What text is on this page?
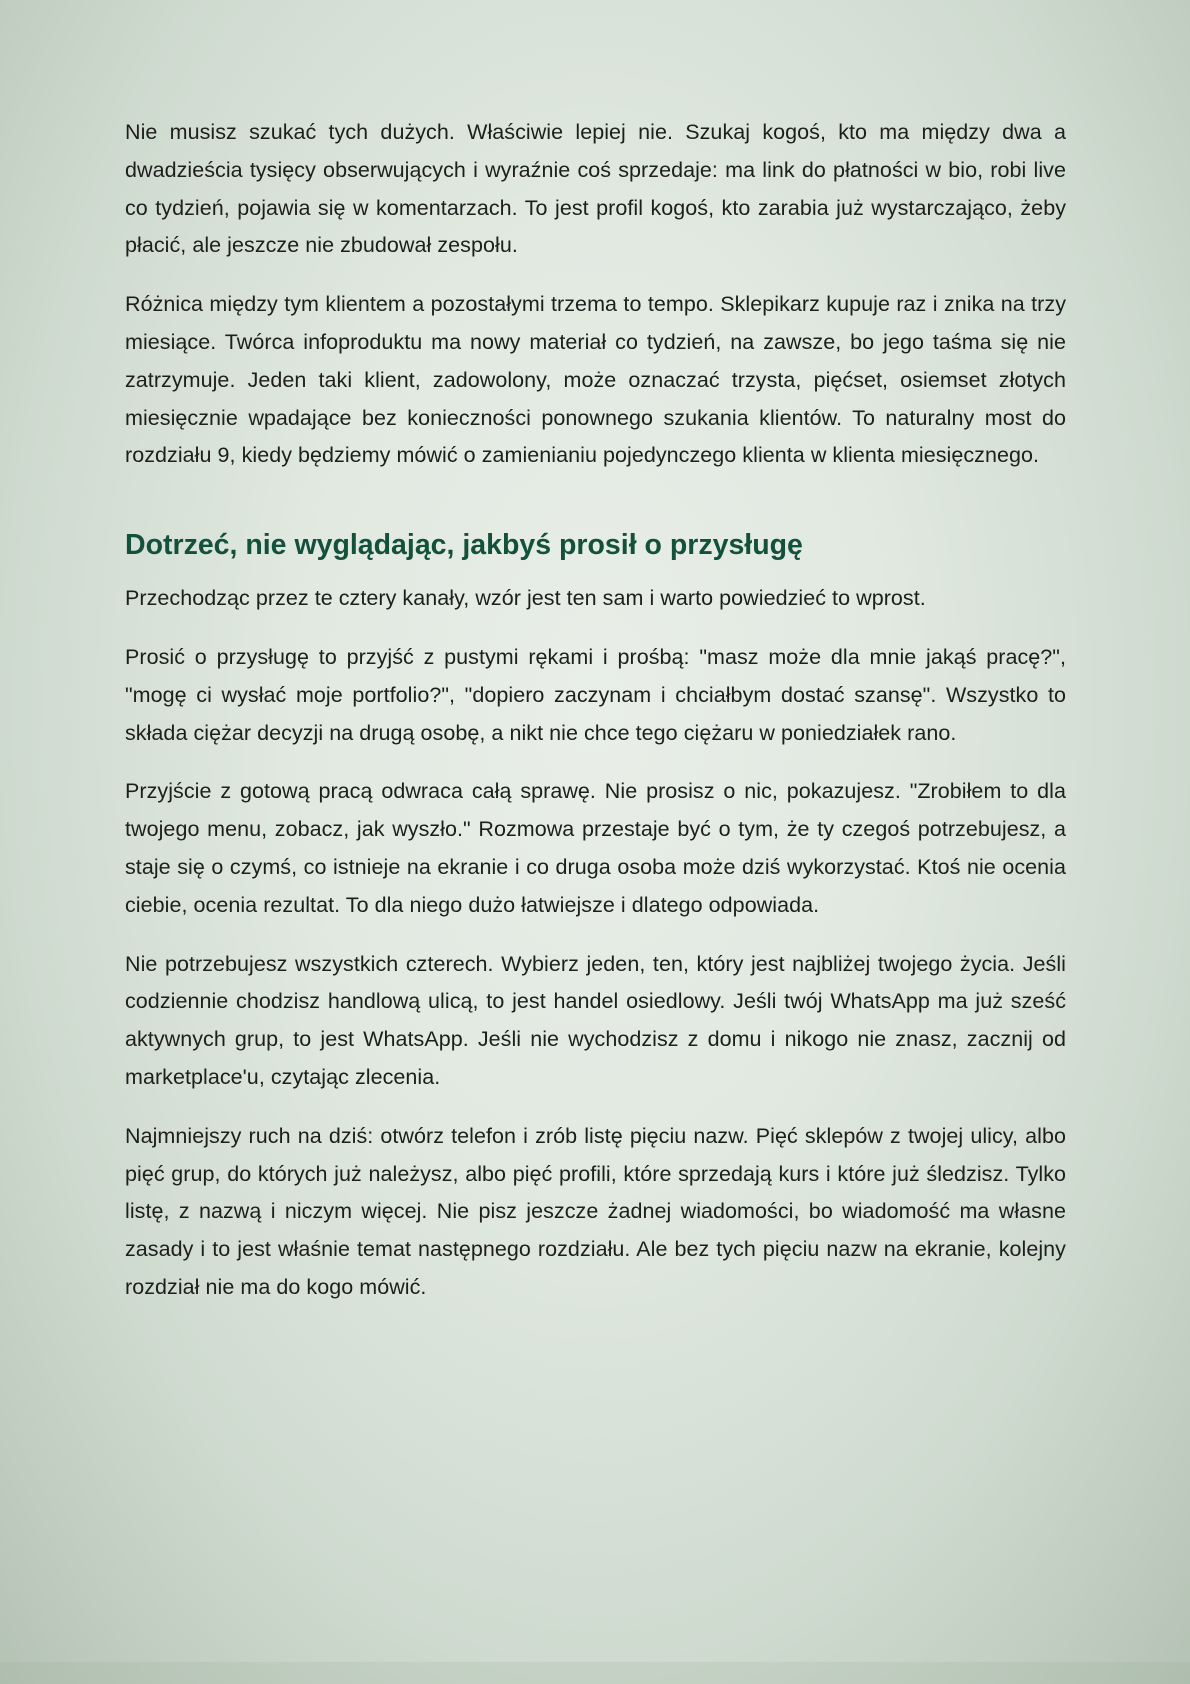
Nie musisz szukać tych dużych. Właściwie lepiej nie. Szukaj kogoś, kto ma między dwa a dwadzieścia tysięcy obserwujących i wyraźnie coś sprzedaje: ma link do płatności w bio, robi live co tydzień, pojawia się w komentarzach. To jest profil kogoś, kto zarabia już wystarczająco, żeby płacić, ale jeszcze nie zbudował zespołu.

Różnica między tym klientem a pozostałymi trzema to tempo. Sklepikarz kupuje raz i znika na trzy miesiące. Twórca infoproduktu ma nowy materiał co tydzień, na zawsze, bo jego taśma się nie zatrzymuje. Jeden taki klient, zadowolony, może oznaczać trzysta, pięćset, osiemset złotych miesięcznie wpadające bez konieczności ponownego szukania klientów. To naturalny most do rozdziału 9, kiedy będziemy mówić o zamienianiu pojedynczego klienta w klienta miesięcznego.

Dotrzeć, nie wyglądając, jakbyś prosił o przysługę

Przechodząc przez te cztery kanały, wzór jest ten sam i warto powiedzieć to wprost.

Prosić o przysługę to przyjść z pustymi rękami i prośbą: "masz może dla mnie jakąś pracę?", "mogę ci wysłać moje portfolio?", "dopiero zaczynam i chciałbym dostać szansę". Wszystko to składa ciężar decyzji na drugą osobę, a nikt nie chce tego ciężaru w poniedziałek rano.

Przyjście z gotową pracą odwraca całą sprawę. Nie prosisz o nic, pokazujesz. "Zrobiłem to dla twojego menu, zobacz, jak wyszło." Rozmowa przestaje być o tym, że ty czegoś potrzebujesz, a staje się o czymś, co istnieje na ekranie i co druga osoba może dziś wykorzystać. Ktoś nie ocenia ciebie, ocenia rezultat. To dla niego dużo łatwiejsze i dlatego odpowiada.

Nie potrzebujesz wszystkich czterech. Wybierz jeden, ten, który jest najbliżej twojego życia. Jeśli codziennie chodzisz handlową ulicą, to jest handel osiedlowy. Jeśli twój WhatsApp ma już sześć aktywnych grup, to jest WhatsApp. Jeśli nie wychodzisz z domu i nikogo nie znasz, zacznij od marketplace'u, czytając zlecenia.

Najmniejszy ruch na dziś: otwórz telefon i zrób listę pięciu nazw. Pięć sklepów z twojej ulicy, albo pięć grup, do których już należysz, albo pięć profili, które sprzedają kurs i które już śledzisz. Tylko listę, z nazwą i niczym więcej. Nie pisz jeszcze żadnej wiadomości, bo wiadomość ma własne zasady i to jest właśnie temat następnego rozdziału. Ale bez tych pięciu nazw na ekranie, kolejny rozdział nie ma do kogo mówić.
